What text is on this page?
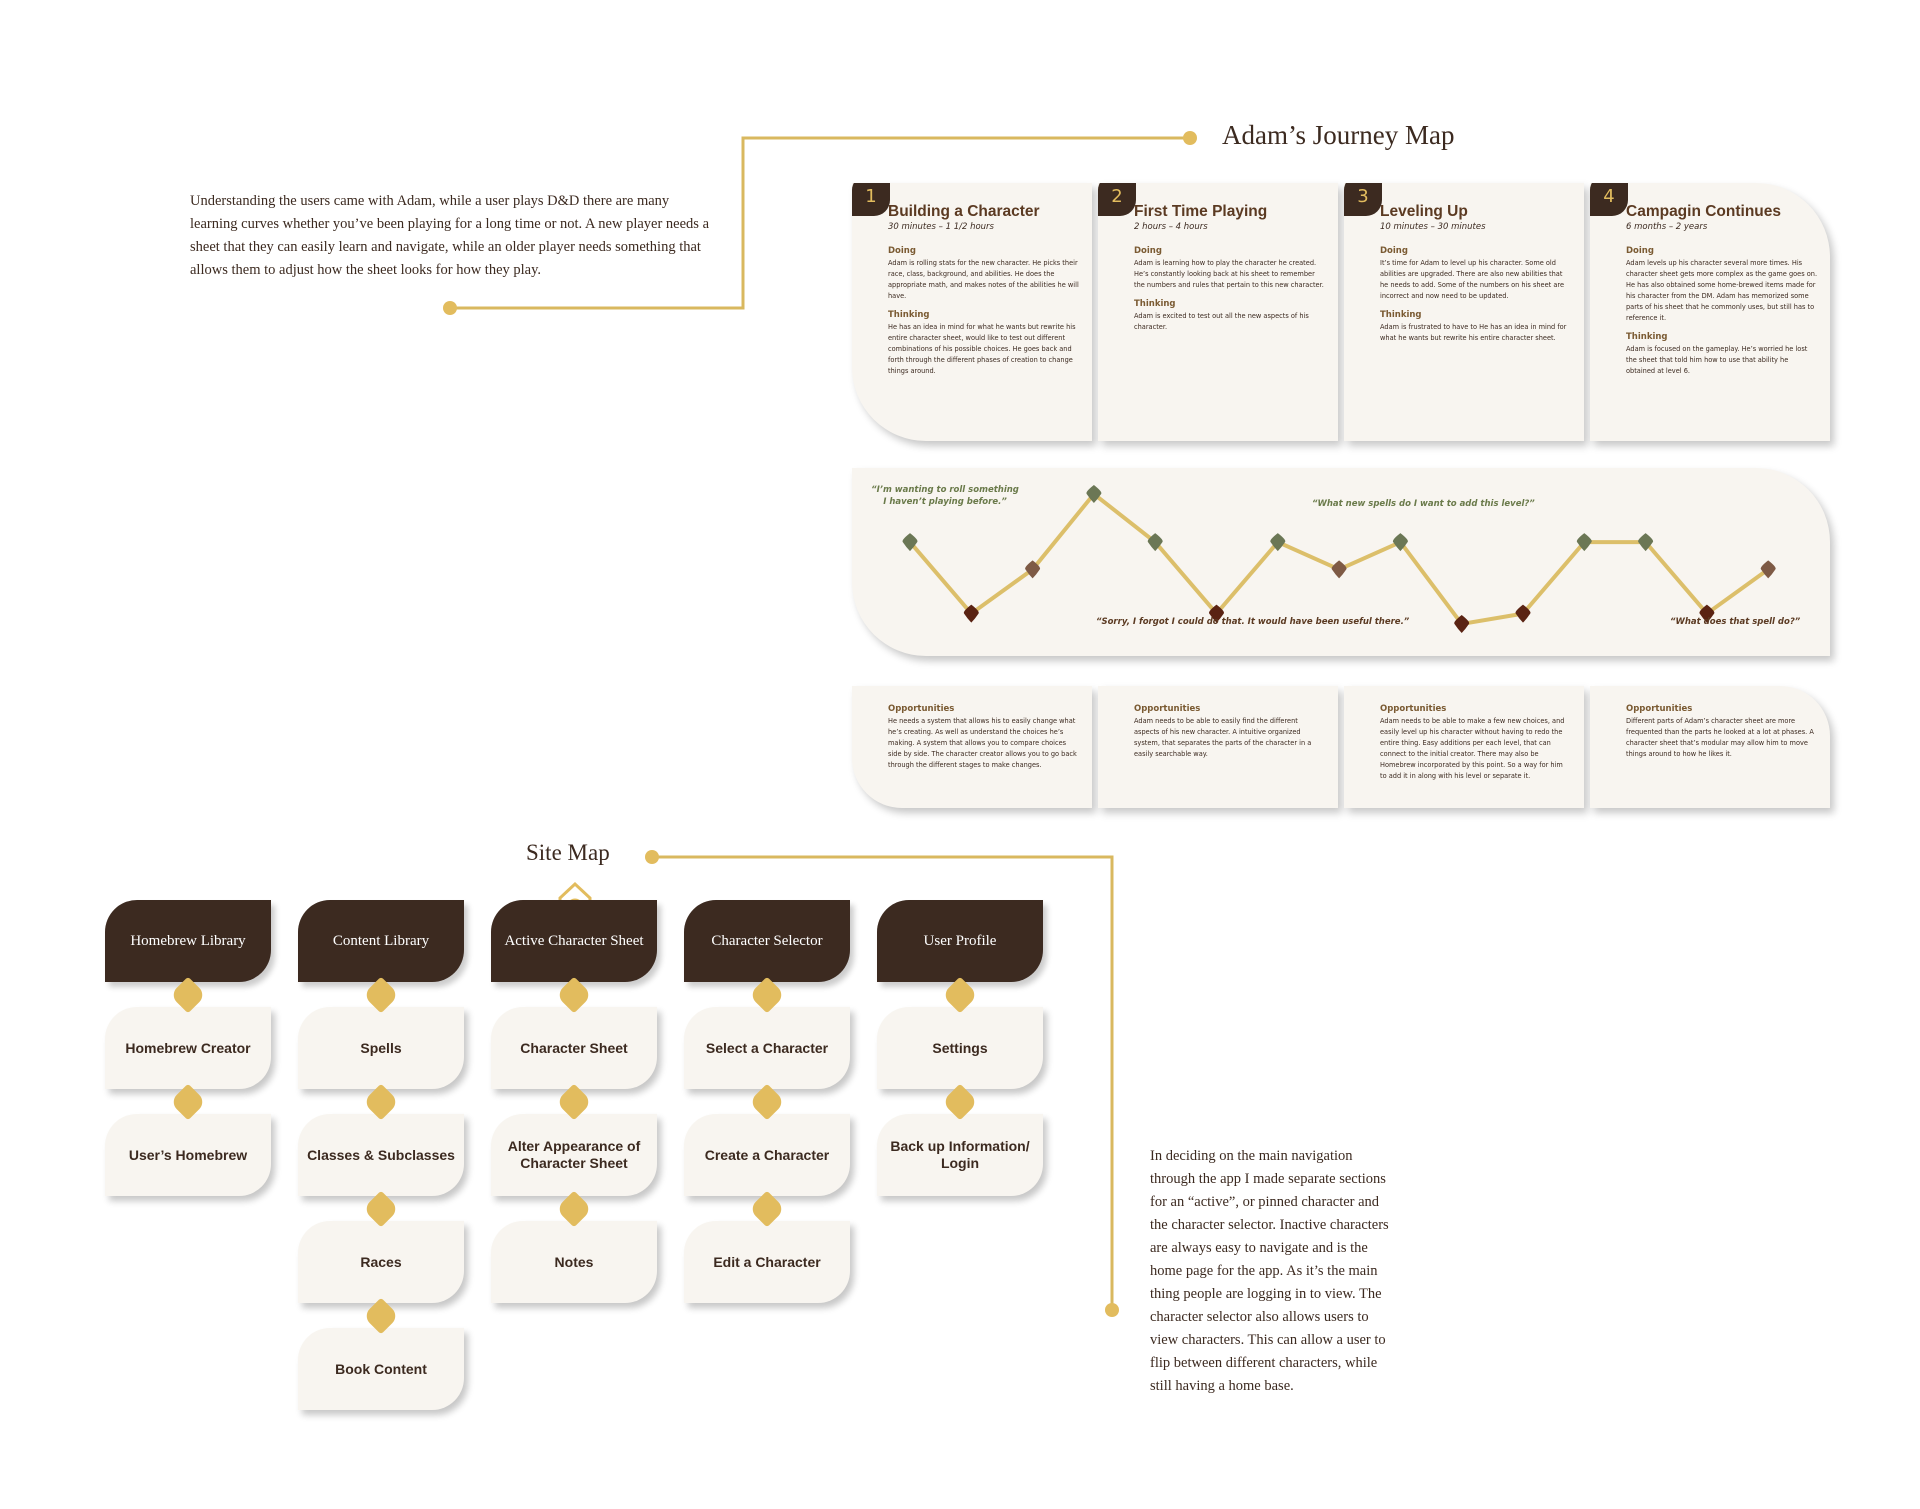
Understanding the users came with Adam, while a user plays D&D there are many learning curves whether you’ve been playing for a long time or not. A new player needs a sheet that they can easily learn and navigate, while an older player needs something that allows them to adjust how the sheet looks for how they play.
Adam’s Journey Map
1
Building a Character
30 minutes – 1 1/2 hours
Doing
Adam is rolling stats for the new character. He picks their race, class, background, and abilities. He does the appropriate math, and makes notes of the abilities he will have.
Thinking
He has an idea in mind for what he wants but rewrite his entire character sheet, would like to test out different combinations of his possible choices. He goes back and forth through the different phases of creation to change things around.
2
First Time Playing
2 hours – 4 hours
Doing
Adam is learning how to play the character he created. He’s constantly looking back at his sheet to remember the numbers and rules that pertain to this new character.
Thinking
Adam is excited to test out all the new aspects of his character.
3
Leveling Up
10 minutes – 30 minutes
Doing
It’s time for Adam to level up his character. Some old abilities are upgraded. There are also new abilities that he needs to add. Some of the numbers on his sheet are incorrect and now need to be updated.
Thinking
Adam is frustrated to have to He has an idea in mind for what he wants but rewrite his entire character sheet.
4
Campagin Continues
6 months – 2 years
Doing
Adam levels up his character several more times. His character sheet gets more complex as the game goes on. He has also obtained some home-brewed items made for his character from the DM. Adam has memorized some parts of his sheet that he commonly uses, but still has to reference it.
Thinking
Adam is focused on the gameplay. He’s worried he lost the sheet that told him how to use that ability he obtained at level 6.
“I’m wanting to roll something I haven’t playing before.”	“What new spells do I want to add this level?”
“Sorry, I forgot I could do that. It would have been useful there.”	“What does that spell do?”
Opportunities
He needs a system that allows his to easily change what he’s creating. As well as understand the choices he’s making. A system that allows you to compare choices side by side. The character creator allows you to go back through the different stages to make changes.
Opportunities
Adam needs to be able to easily find the different aspects of his new character. A intuitive organized system, that separates the parts of the character in a easily searchable way.
Opportunities
Adam needs to be able to make a few new choices, and easily level up his character without having to redo the entire thing. Easy additions per each level, that can connect to the initial creator. There may also be Homebrew incorporated by this point. So a way for him to add it in along with his level or separate it.
Opportunities
Different parts of Adam’s character sheet are more frequented than the parts he looked at a lot at phases. A character sheet that’s modular may allow him to move things around to how he likes it.
Site Map
Homebrew Library
Homebrew Creator
User’s Homebrew
Content Library
Spells
Classes & Subclasses
Races
Book Content
Active Character Sheet
Character Sheet
Alter Appearance of Character Sheet
Notes
Character Selector
Select a Character
Create a Character
Edit a Character
User Profile
Settings
Back up Information/ Login	In deciding on the main navigation through the app I made separate sections for an “active”, or pinned character and the character selector. Inactive characters are always easy to navigate and is the home page for the app. As it’s the main thing people are logging in to view. The character selector also allows users to view characters. This can allow a user to flip between different characters, while still having a home base.
